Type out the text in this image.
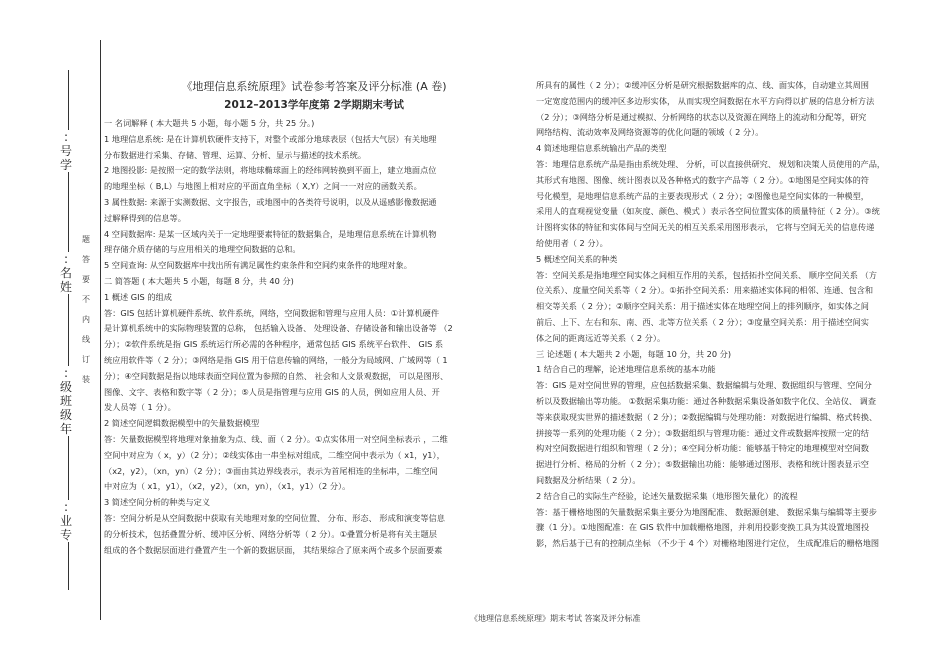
:号学
:名姓
:级班级年
:业专
题答要不内线订装
《地理信息系统原理》试卷参考答案及评分标准 (A 卷)
2012–2013学年度第 2学期期末考试

一 名词解释 ( 本大题共 5 小题，每小题 5 分，共 25 分。)

1 地理信息系统: 是在计算机软硬件支持下，对整个或部分地球表层（包括大气层）有关地理

分布数据进行采集、存储、管理、运算、分析、显示与描述的技术系统。

2 地图投影: 是按照一定的数学法则，将地球椭球面上的经纬网转换到平面上，建立地面点位

的地理坐标（ B,L）与地图上相对应的平面直角坐标（ X,Y）之间一一对应的函数关系。

3 属性数据: 来源于实测数据、文字报告，或地图中的各类符号说明，以及从遥感影像数据通

过解释得到的信息等。

4 空间数据库: 是某一区域内关于一定地理要素特征的数据集合，是地理信息系统在计算机物

理存储介质存储的与应用相关的地理空间数据的总和。

5 空间查询: 从空间数据库中找出所有满足属性约束条件和空间约束条件的地理对象。

二 简答题 ( 本大题共 5 小题，每题 8 分，共 40 分)

1 概述 GIS 的组成

答：GIS 包括计算机硬件系统、软件系统，网络，空间数据和管理与应用人员：①计算机硬件

是计算机系统中的实际物理装置的总称， 包括输入设备、 处理设备、存储设备和输出设备等 （2

分）；②软件系统是指 GIS 系统运行所必需的各种程序，通常包括 GIS 系统平台软件、 GIS 系

统应用软件等（ 2 分）；③网络是指 GIS 用于信息传输的网络，一般分为局域网、广域网等（ 1

分）；④空间数据是指以地球表面空间位置为参照的自然、 社会和人文景观数据， 可以是图形、

图像、文字、表格和数字等（ 2 分）；⑤人员是指管理与应用 GIS 的人员，例如应用人员、开

发人员等（ 1 分）。

2 简述空间逻辑数据模型中的矢量数据模型

答：矢量数据模型将地理对象抽象为点、线、面（ 2 分）。①点实体用一对空间坐标表示 ，二维

空间中对应为（ x，y）（2 分）；②线实体由一串坐标对组成，二维空间中表示为（ x1，y1），

（x2，y2），（xn，yn）（2 分）；③面由其边界线表示，表示为首尾相连的坐标串，二维空间

中对应为（ x1，y1），（x2，y2），（xn，yn），（x1，y1）（2 分）。

3 简述空间分析的种类与定义

答：空间分析是从空间数据中获取有关地理对象的空间位置、 分布、形态、 形成和演变等信息

的分析技术，包括叠置分析、缓冲区分析、网络分析等（ 2 分）。①叠置分析是将有关主题层

组成的各个数据层面进行叠置产生一个新的数据层面， 其结果综合了原来两个或多个层面要素

所具有的属性（ 2 分）；②缓冲区分析是研究根据数据库的点、线、面实体，自动建立其周围

一定宽度范围内的缓冲区多边形实体， 从而实现空间数据在水平方向得以扩展的信息分析方法

（2 分）；③网络分析是通过模拟、分析网络的状态以及资源在网络上的流动和分配等，研究

网络结构、流动效率及网络资源等的优化问题的领域（ 2 分）。

4 简述地理信息系统输出产品的类型

答：地理信息系统产品是指由系统处理、 分析，可以直接供研究、 规划和决策人员使用的产品，

其形式有地图、图像、统计图表以及各种格式的数字产品等（ 2 分）。①地图是空间实体的符

号化模型，是地理信息系统产品的主要表现形式（ 2 分）；②图像也是空间实体的一种模型，

采用人的直观视觉变量（如灰度、颜色、模式 ）表示各空间位置实体的质量特征（ 2 分）。③统

计图将实体的特征和实体间与空间无关的相互关系采用图形表示， 它将与空间无关的信息传递

给使用者（ 2 分）。

5 概述空间关系的种类

答：空间关系是指地理空间实体之间相互作用的关系，包括拓扑空间关系、 顺序空间关系 （方

位关系）、度量空间关系等（ 2 分）。①拓扑空间关系：用来描述实体间的相邻、连通、包含和

相交等关系（ 2 分）；②顺序空间关系：用于描述实体在地理空间上的排列顺序，如实体之间

前后、上下、左右和东、南、西、北等方位关系（ 2 分）；③度量空间关系：用于描述空间实

体之间的距离远近等关系（ 2 分）。

三 论述题 ( 本大题共 2 小题，每题 10 分，共 20 分)

1 结合自己的理解，论述地理信息系统的基本功能

答：GIS 是对空间世界的管理，应包括数据采集、数据编辑与处理、数据组织与管理、空间分

析以及数据输出等功能。 ①数据采集功能：通过各种数据采集设备如数字化仪、全站仪、 调查

等来获取现实世界的描述数据（ 2 分）；②数据编辑与处理功能：对数据进行编辑、格式转换、

拼接等一系列的处理功能（ 2 分）；③数据组织与管理功能：通过文件或数据库按照一定的结

构对空间数据进行组织和管理（ 2 分）；④空间分析功能：能够基于特定的地理模型对空间数

据进行分析、格局的分析（ 2 分）；⑤数据输出功能：能够通过图形、表格和统计图表显示空

间数据及分析结果（ 2 分）。

2 结合自己的实际生产经验，论述矢量数据采集（地形图矢量化）的流程

答：基于栅格地图的矢量数据采集主要分为地图配准、 数据源创建、 数据采集与编辑等主要步

骤（1 分）。①地图配准：在 GIS 软件中加载栅格地图，并利用投影变换工具为其设置地图投

影，然后基于已有的控制点坐标 （不少于 4 个）对栅格地图进行定位， 生成配准后的栅格地图

《地理信息系统原理》期末考试 答案及评分标准
